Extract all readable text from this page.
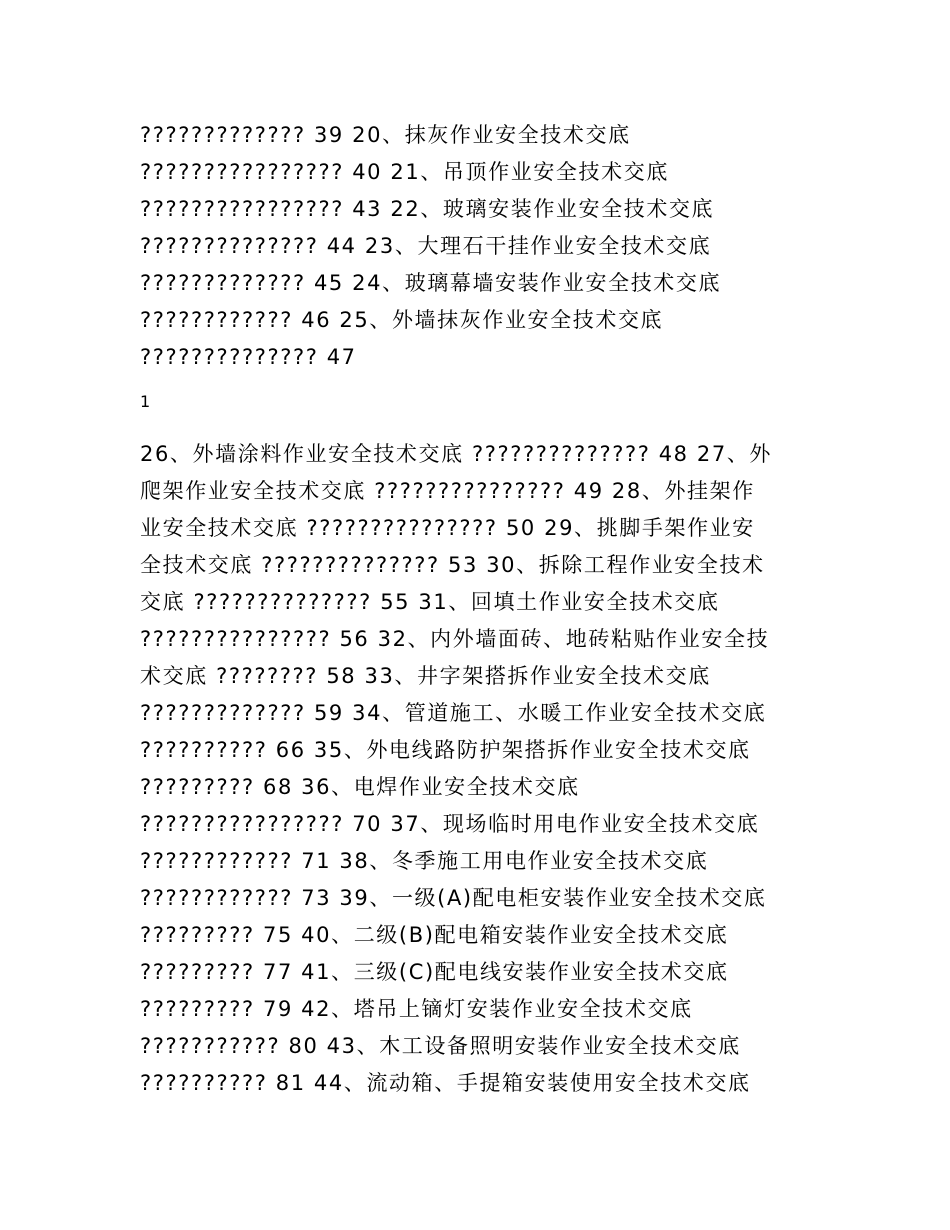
????????????? 39 20、抹灰作业安全技术交底
???????????????? 40 21、吊顶作业安全技术交底
???????????????? 43 22、玻璃安装作业安全技术交底
?????????????? 44 23、大理石干挂作业安全技术交底
????????????? 45 24、玻璃幕墙安装作业安全技术交底
???????????? 46 25、外墙抹灰作业安全技术交底
?????????????? 47
1
26、外墙涂料作业安全技术交底 ?????????????? 48 27、外
爬架作业安全技术交底 ??????????????? 49 28、外挂架作
业安全技术交底 ??????????????? 50 29、挑脚手架作业安
全技术交底 ?????????????? 53 30、拆除工程作业安全技术
交底 ?????????????? 55 31、回填土作业安全技术交底
??????????????? 56 32、内外墙面砖、地砖粘贴作业安全技
术交底 ???????? 58 33、井字架搭拆作业安全技术交底
????????????? 59 34、管道施工、水暖工作业安全技术交底
?????????? 66 35、外电线路防护架搭拆作业安全技术交底
????????? 68 36、电焊作业安全技术交底
???????????????? 70 37、现场临时用电作业安全技术交底
???????????? 71 38、冬季施工用电作业安全技术交底
???????????? 73 39、一级(A)配电柜安装作业安全技术交底
????????? 75 40、二级(B)配电箱安装作业安全技术交底
????????? 77 41、三级(C)配电线安装作业安全技术交底
????????? 79 42、塔吊上镝灯安装作业安全技术交底
??????????? 80 43、木工设备照明安装作业安全技术交底
?????????? 81 44、流动箱、手提箱安装使用安全技术交底
